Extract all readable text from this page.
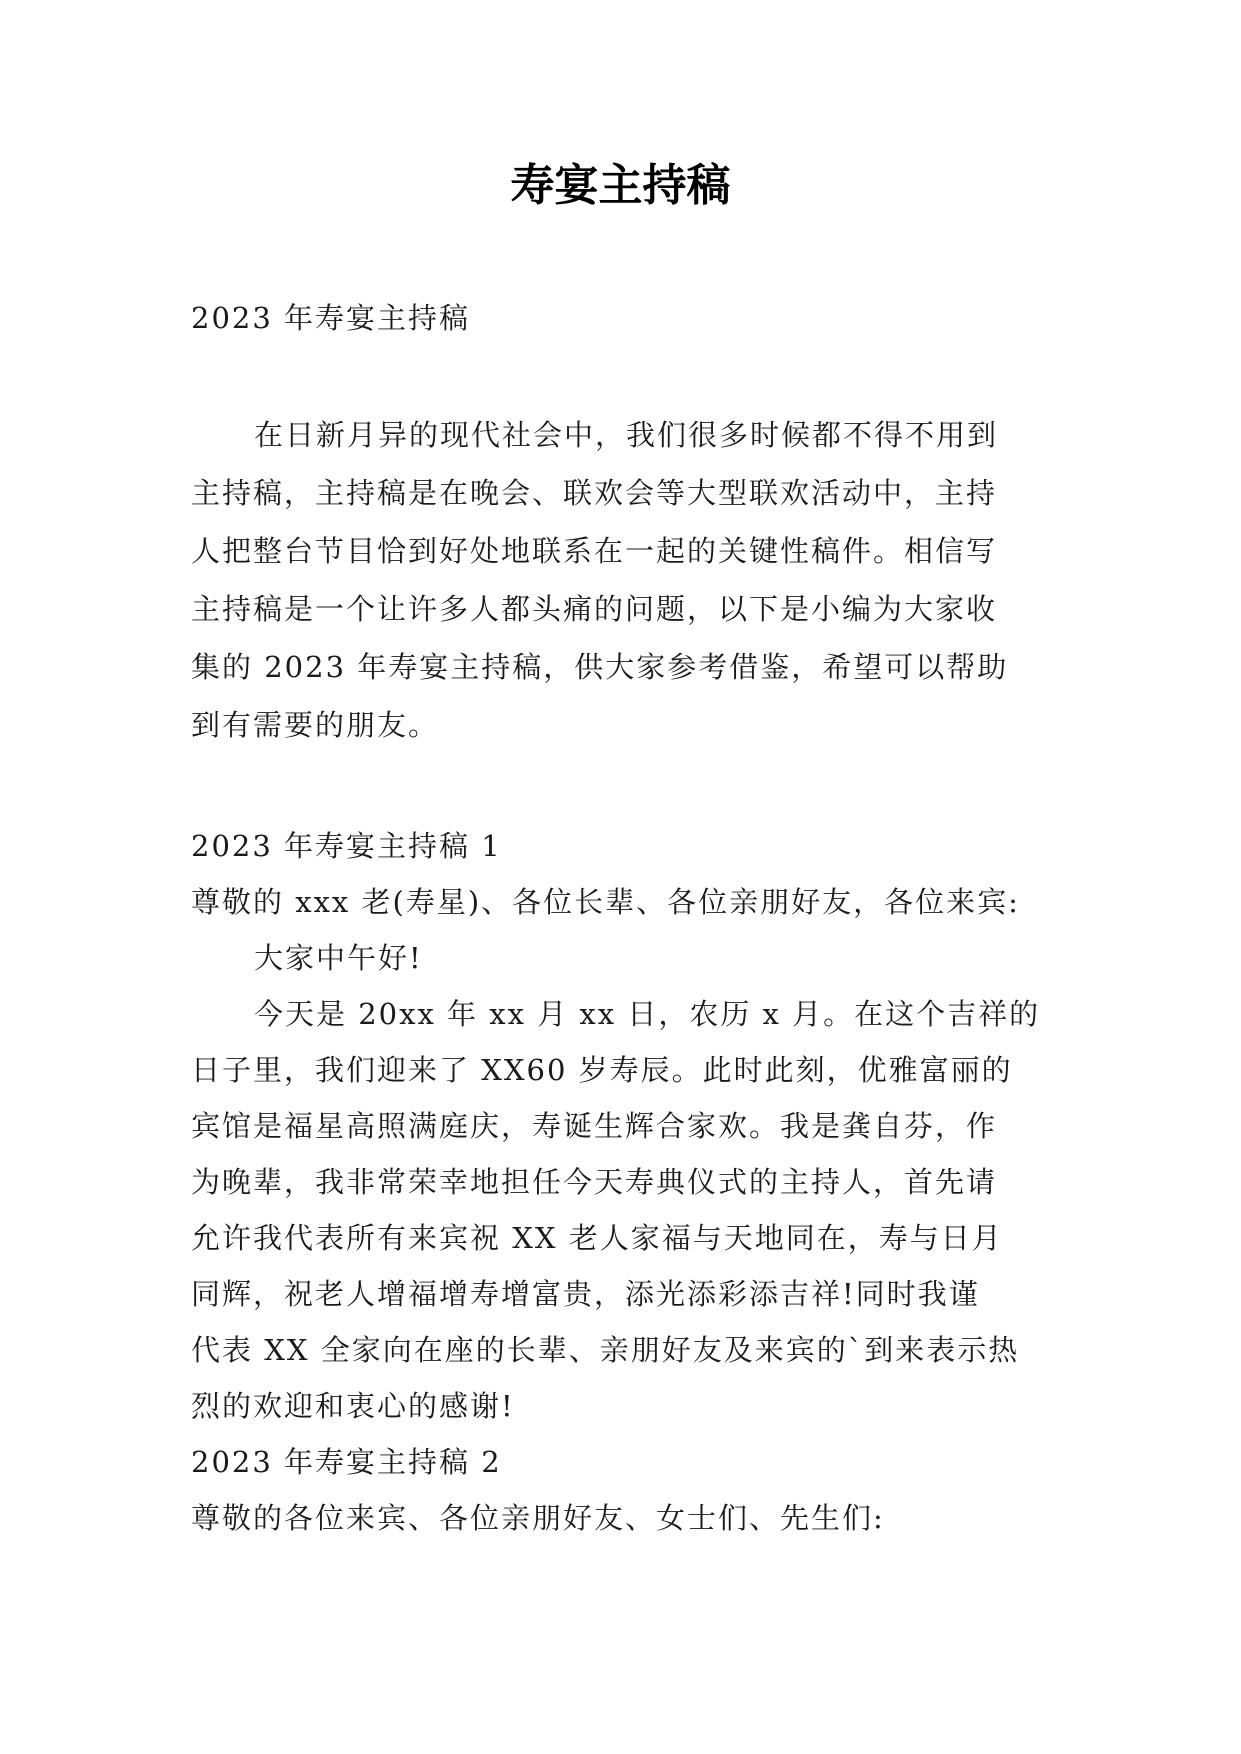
寿宴主持稿
2023 年寿宴主持稿
在日新月异的现代社会中，我们很多时候都不得不用到
主持稿，主持稿是在晚会、联欢会等大型联欢活动中，主持
人把整台节目恰到好处地联系在一起的关键性稿件。相信写
主持稿是一个让许多人都头痛的问题，以下是小编为大家收
集的 2023 年寿宴主持稿，供大家参考借鉴，希望可以帮助
到有需要的朋友。
2023 年寿宴主持稿 1
尊敬的 xxx 老(寿星)、各位长辈、各位亲朋好友，各位来宾:
大家中午好!
今天是 20xx 年 xx 月 xx 日，农历 x 月。在这个吉祥的
日子里，我们迎来了 XX60 岁寿辰。此时此刻，优雅富丽的
宾馆是福星高照满庭庆，寿诞生辉合家欢。我是龚自芬，作
为晚辈，我非常荣幸地担任今天寿典仪式的主持人，首先请
允许我代表所有来宾祝 XX 老人家福与天地同在，寿与日月
同辉，祝老人增福增寿增富贵，添光添彩添吉祥!同时我谨
代表 XX 全家向在座的长辈、亲朋好友及来宾的`到来表示热
烈的欢迎和衷心的感谢!
2023 年寿宴主持稿 2
尊敬的各位来宾、各位亲朋好友、女士们、先生们:
